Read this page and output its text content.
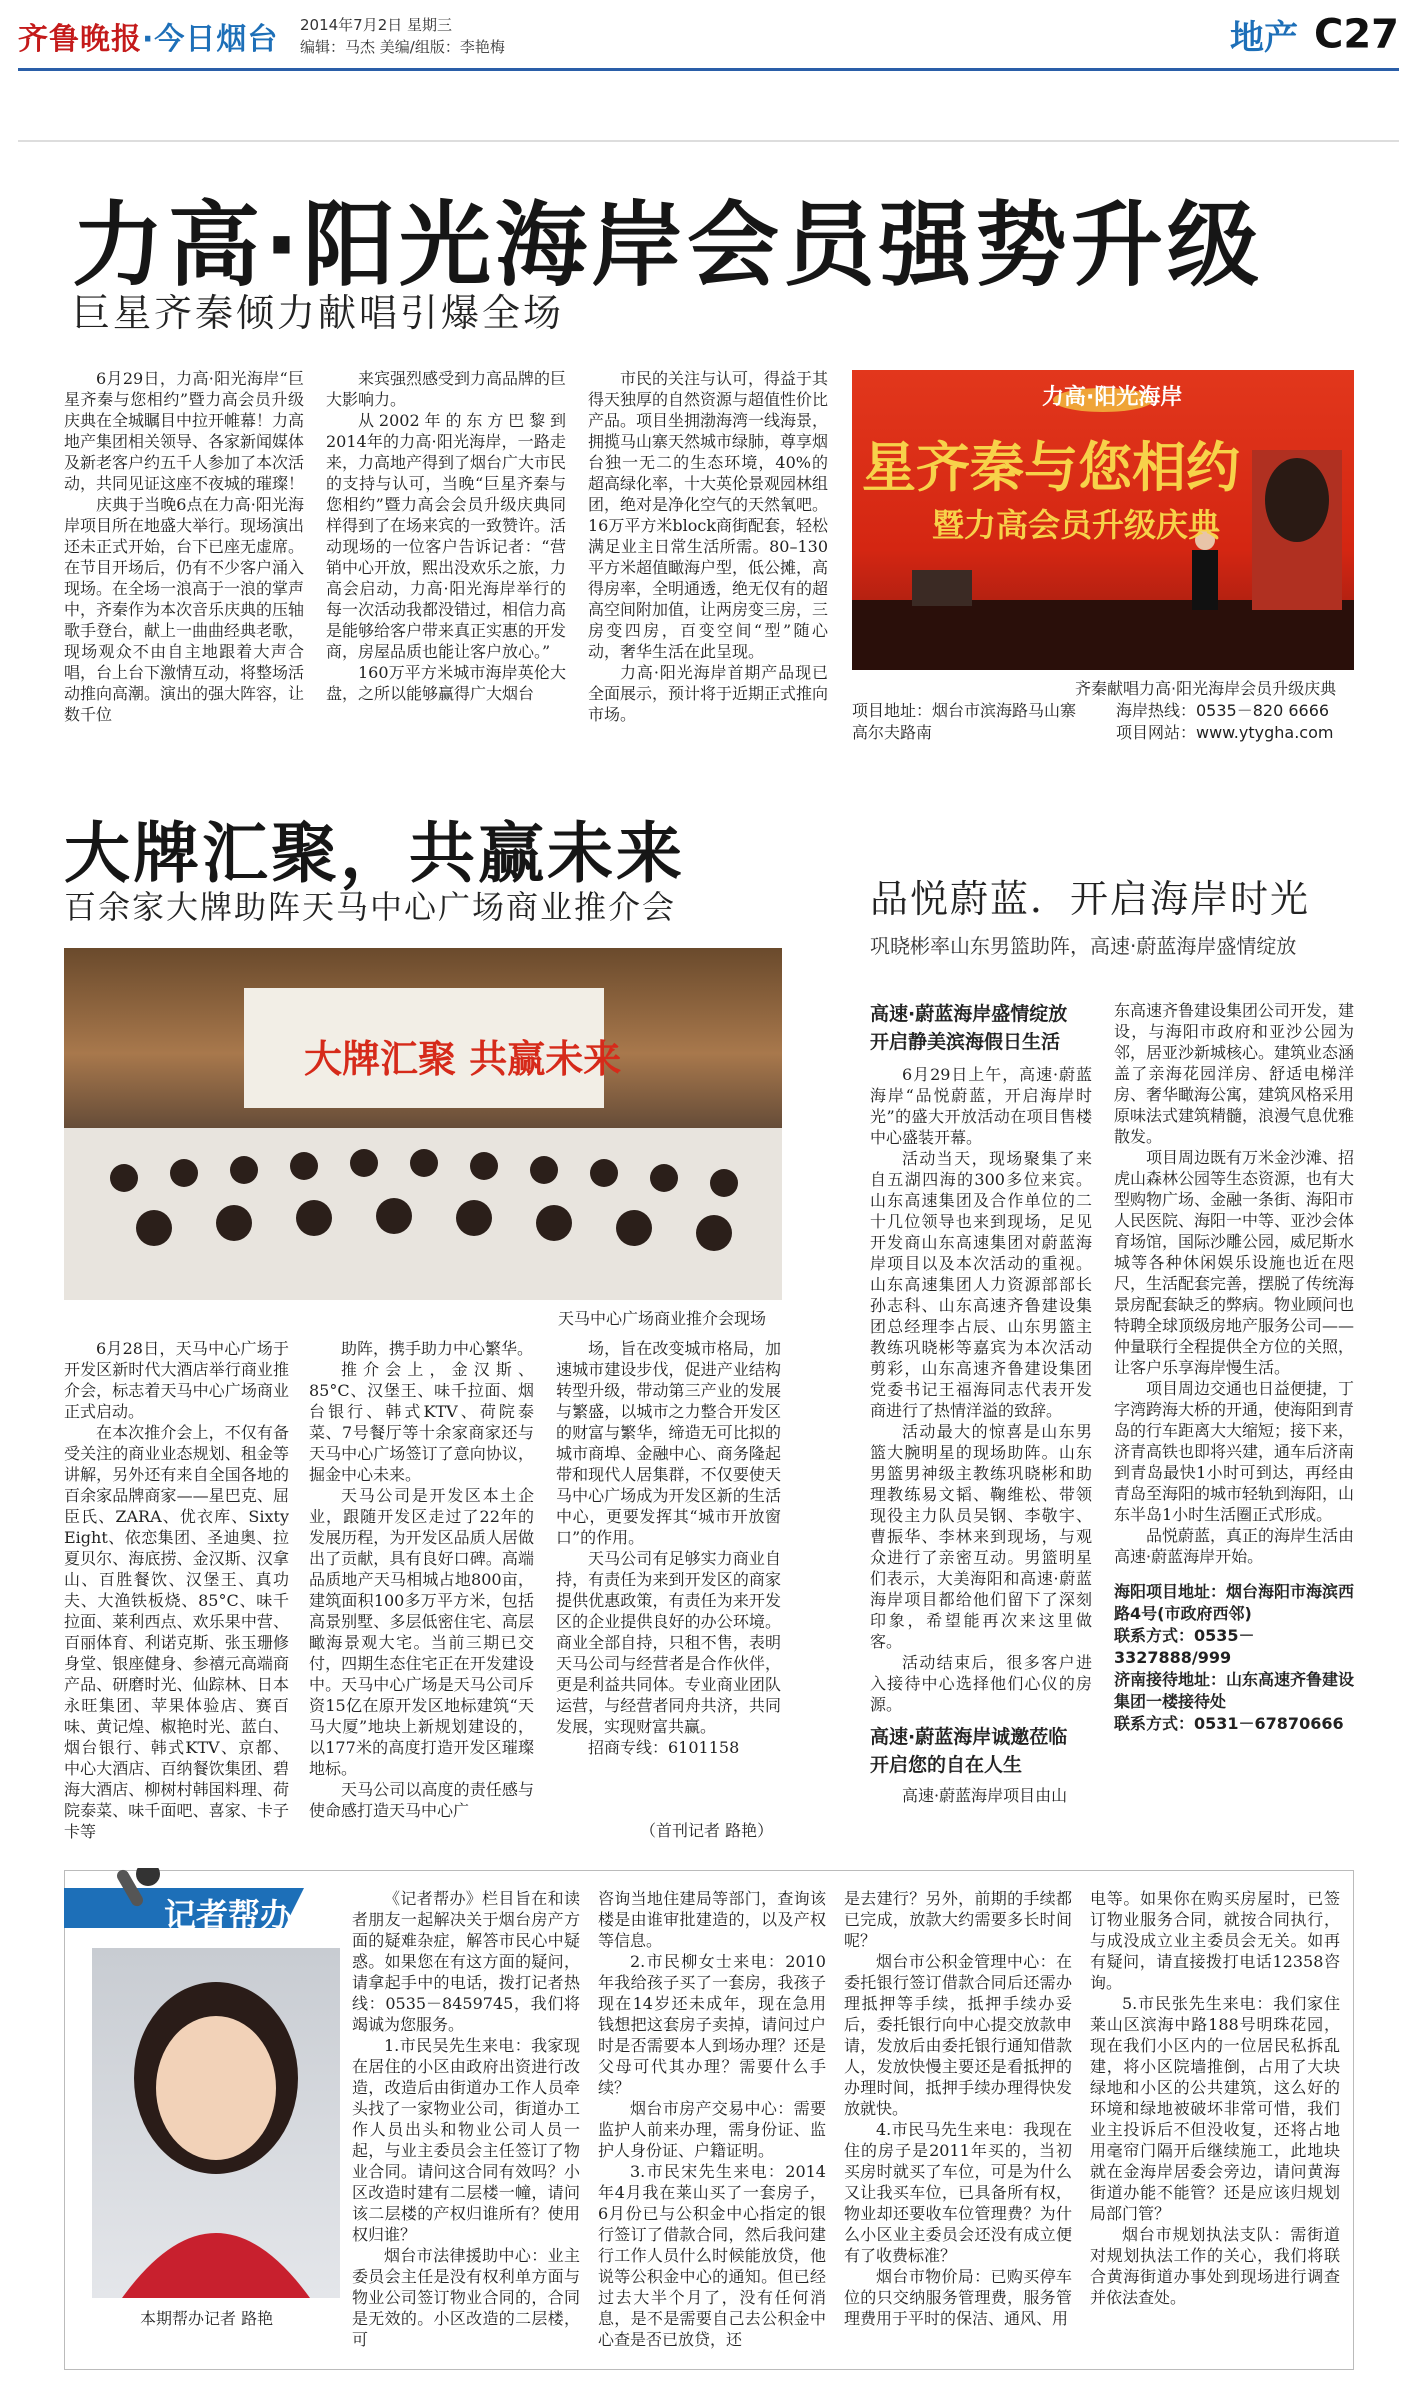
齐鲁晚报·今日烟台 2014年7月2日 星期三
编辑：马杰 美编/组版：李艳梅	地产 C27
力高·阳光海岸会员强势升级
巨星齐秦倾力献唱引爆全场

6月29日，力高·阳光海岸“巨星齐秦与您相约”暨力高会员升级庆典在全城瞩目中拉开帷幕！力高地产集团相关领导、各家新闻媒体及新老客户约五千人参加了本次活动，共同见证这座不夜城的璀璨！

庆典于当晚6点在力高·阳光海岸项目所在地盛大举行。现场演出还未正式开始，台下已座无虚席。在节目开场后，仍有不少客户涌入现场。在全场一浪高于一浪的掌声中，齐秦作为本次音乐庆典的压轴歌手登台，献上一曲曲经典老歌，现场观众不由自主地跟着大声合唱，台上台下激情互动，将整场活动推向高潮。演出的强大阵容，让数千位

来宾强烈感受到力高品牌的巨大影响力。

从2002年的东方巴黎到2014年的力高·阳光海岸，一路走来，力高地产得到了烟台广大市民的支持与认可，当晚“巨星齐秦与您相约”暨力高会会员升级庆典同样得到了在场来宾的一致赞许。活动现场的一位客户告诉记者：“营销中心开放，熙出没欢乐之旅，力高会启动，力高·阳光海岸举行的每一次活动我都没错过，相信力高是能够给客户带来真正实惠的开发商，房屋品质也能让客户放心。”

160万平方米城市海岸英伦大盘，之所以能够赢得广大烟台

市民的关注与认可，得益于其得天独厚的自然资源与超值性价比产品。项目坐拥渤海湾一线海景，拥揽马山寨天然城市绿肺，尊享烟台独一无二的生态环境，40%的超高绿化率，十大英伦景观园林组团，绝对是净化空气的天然氧吧。16万平方米block商街配套，轻松满足业主日常生活所需。80–130平方米超值瞰海户型，低公摊，高得房率，全明通透，绝无仅有的超高空间附加值，让两房变三房，三房变四房，百变空间“型”随心动，奢华生活在此呈现。

力高·阳光海岸首期产品现已全面展示，预计将于近期正式推向市场。

力高·阳光海岸
星齐秦与您相约
暨力高会员升级庆典
齐秦献唱力高·阳光海岸会员升级庆典
项目地址：烟台市滨海路马山寨
高尔夫路南
海岸热线：0535－820 6666
项目网站：www.ytygha.com
大牌汇聚，共赢未来
百余家大牌助阵天马中心广场商业推介会
大牌汇聚 共赢未来
天马中心广场商业推介会现场

6月28日，天马中心广场于开发区新时代大酒店举行商业推介会，标志着天马中心广场商业正式启动。

在本次推介会上，不仅有备受关注的商业业态规划、租金等讲解，另外还有来自全国各地的百余家品牌商家——星巴克、屈臣氏、ZARA、优衣库、Sixty Eight、依恋集团、圣迪奥、拉夏贝尔、海底捞、金汉斯、汉拿山、百胜餐饮、汉堡王、真功夫、大渔铁板烧、85°C、味千拉面、莱利西点、欢乐果中营、百丽体育、利诺克斯、张玉珊修身堂、银座健身、参禧元高端商产品、研磨时光、仙踪林、日本永旺集团、苹果体验店、赛百味、黄记煌、椒艳时光、蓝白、烟台银行、韩式KTV、京都、中心大酒店、百纳餐饮集团、碧海大酒店、柳树村韩国料理、荷院泰菜、味千面吧、喜家、卡子卡等

助阵，携手助力中心繁华。

推介会上，金汉斯、85°C、汉堡王、味千拉面、烟台银行、韩式KTV、荷院泰菜、7号餐厅等十余家商家还与天马中心广场签订了意向协议，掘金中心未来。

天马公司是开发区本土企业，跟随开发区走过了22年的发展历程，为开发区品质人居做出了贡献，具有良好口碑。高端品质地产天马相城占地800亩，建筑面积100多万平方米，包括高景别墅、多层低密住宅、高层瞰海景观大宅。当前三期已交付，四期生态住宅正在开发建设中。天马中心广场是天马公司斥资15亿在原开发区地标建筑“天马大厦”地块上新规划建设的，以177米的高度打造开发区璀璨地标。

天马公司以高度的责任感与使命感打造天马中心广

场，旨在改变城市格局，加速城市建设步伐，促进产业结构转型升级，带动第三产业的发展与繁盛，以城市之力整合开发区的财富与繁华，缔造无可比拟的城市商埠、金融中心、商务隆起带和现代人居集群，不仅要使天马中心广场成为开发区新的生活中心，更要发挥其“城市开放窗口”的作用。

天马公司有足够实力商业自持，有责任为来到开发区的商家提供优惠政策，有责任为来开发区的企业提供良好的办公环境。商业全部自持，只租不售，表明天马公司与经营者是合作伙伴，更是利益共同体。专业商业团队运营，与经营者同舟共济，共同发展，实现财富共赢。

招商专线：6101158

（首刊记者 路艳）
品悦蔚蓝．开启海岸时光
巩晓彬率山东男篮助阵，高速·蔚蓝海岸盛情绽放
高速·蔚蓝海岸盛情绽放
开启静美滨海假日生活

6月29日上午，高速·蔚蓝海岸“品悦蔚蓝，开启海岸时光”的盛大开放活动在项目售楼中心盛装开幕。

活动当天，现场聚集了来自五湖四海的300多位来宾。山东高速集团及合作单位的二十几位领导也来到现场，足见开发商山东高速集团对蔚蓝海岸项目以及本次活动的重视。山东高速集团人力资源部部长孙志科、山东高速齐鲁建设集团总经理李占辰、山东男篮主教练巩晓彬等嘉宾为本次活动剪彩，山东高速齐鲁建设集团党委书记王福海同志代表开发商进行了热情洋溢的致辞。

活动最大的惊喜是山东男篮大腕明星的现场助阵。山东男篮男神级主教练巩晓彬和助理教练易文韬、鞠维松、带领现役主力队员吴钢、李敬宇、曹振华、李林来到现场，与观众进行了亲密互动。男篮明星们表示，大美海阳和高速·蔚蓝海岸项目都给他们留下了深刻印象，希望能再次来这里做客。

活动结束后，很多客户进入接待中心选择他们心仪的房源。

高速·蔚蓝海岸诚邀莅临
开启您的自在人生

高速·蔚蓝海岸项目由山

东高速齐鲁建设集团公司开发，建设，与海阳市政府和亚沙公园为邻，居亚沙新城核心。建筑业态涵盖了亲海花园洋房、舒适电梯洋房、奢华瞰海公寓，建筑风格采用原味法式建筑精髓，浪漫气息优雅散发。

项目周边既有万米金沙滩、招虎山森林公园等生态资源，也有大型购物广场、金融一条街、海阳市人民医院、海阳一中等、亚沙会体育场馆，国际沙雕公园，威尼斯水城等各种休闲娱乐设施也近在咫尺，生活配套完善，摆脱了传统海景房配套缺乏的弊病。物业顾问也特聘全球顶级房地产服务公司——仲量联行全程提供全方位的关照，让客户乐享海岸慢生活。

项目周边交通也日益便捷，丁字湾跨海大桥的开通，使海阳到青岛的行车距离大大缩短；接下来，济青高铁也即将兴建，通车后济南到青岛最快1小时可到达，再经由青岛至海阳的城市轻轨到海阳，山东半岛1小时生活圈正式形成。

品悦蔚蓝，真正的海岸生活由高速·蔚蓝海岸开始。

海阳项目地址：烟台海阳市海滨西路4号(市政府西邻)
联系方式：0535－3327888/999
济南接待地址：山东高速齐鲁建设集团一楼接待处
联系方式：0531－67870666
记者帮办
本期帮办记者 路艳

《记者帮办》栏目旨在和读者朋友一起解决关于烟台房产方面的疑难杂症，解答市民心中疑惑。如果您在有这方面的疑问，请拿起手中的电话，拨打记者热线：0535－8459745，我们将竭诚为您服务。

1.市民吴先生来电：我家现在居住的小区由政府出资进行改造，改造后由街道办工作人员牵头找了一家物业公司，街道办工作人员出头和物业公司人员一起，与业主委员会主任签订了物业合同。请问这合同有效吗？小区改造时建有二层楼一幢，请问该二层楼的产权归谁所有？使用权归谁？

烟台市法律援助中心：业主委员会主任是没有权利单方面与物业公司签订物业合同的，合同是无效的。小区改造的二层楼，可

咨询当地住建局等部门，查询该楼是由谁审批建造的，以及产权等信息。

2.市民柳女士来电：2010年我给孩子买了一套房，我孩子现在14岁还未成年，现在急用钱想把这套房子卖掉，请问过户时是否需要本人到场办理？还是父母可代其办理？需要什么手续？

烟台市房产交易中心：需要监护人前来办理，需身份证、监护人身份证、户籍证明。

3.市民宋先生来电：2014年4月我在莱山买了一套房子，6月份已与公积金中心指定的银行签订了借款合同，然后我问建行工作人员什么时候能放贷，他说等公积金中心的通知。但已经过去大半个月了，没有任何消息，是不是需要自己去公积金中心查是否已放贷，还

是去建行？另外，前期的手续都已完成，放款大约需要多长时间呢？

烟台市公积金管理中心：在委托银行签订借款合同后还需办理抵押等手续，抵押手续办妥后，委托银行向中心提交放款申请，发放后由委托银行通知借款人，发放快慢主要还是看抵押的办理时间，抵押手续办理得快发放就快。

4.市民马先生来电：我现在住的房子是2011年买的，当初买房时就买了车位，可是为什么又让我买车位，已具备所有权，物业却还要收车位管理费？为什么小区业主委员会还没有成立便有了收费标准？

烟台市物价局：已购买停车位的只交纳服务管理费，服务管理费用于平时的保洁、通风、用

电等。如果你在购买房屋时，已签订物业服务合同，就按合同执行，与成没成立业主委员会无关。如再有疑问，请直接拨打电话12358咨询。

5.市民张先生来电：我们家住莱山区滨海中路188号明珠花园，现在我们小区内的一位居民私拆乱建，将小区院墙推倒，占用了大块绿地和小区的公共建筑，这么好的环境和绿地被破坏非常可惜，我们业主投诉后不但没收复，还将占地用毫帘门隔开后继续施工，此地块就在金海岸居委会旁边，请问黄海街道办能不能管？还是应该归规划局部门管？

烟台市规划执法支队：需街道对规划执法工作的关心，我们将联合黄海街道办事处到现场进行调查并依法查处。
